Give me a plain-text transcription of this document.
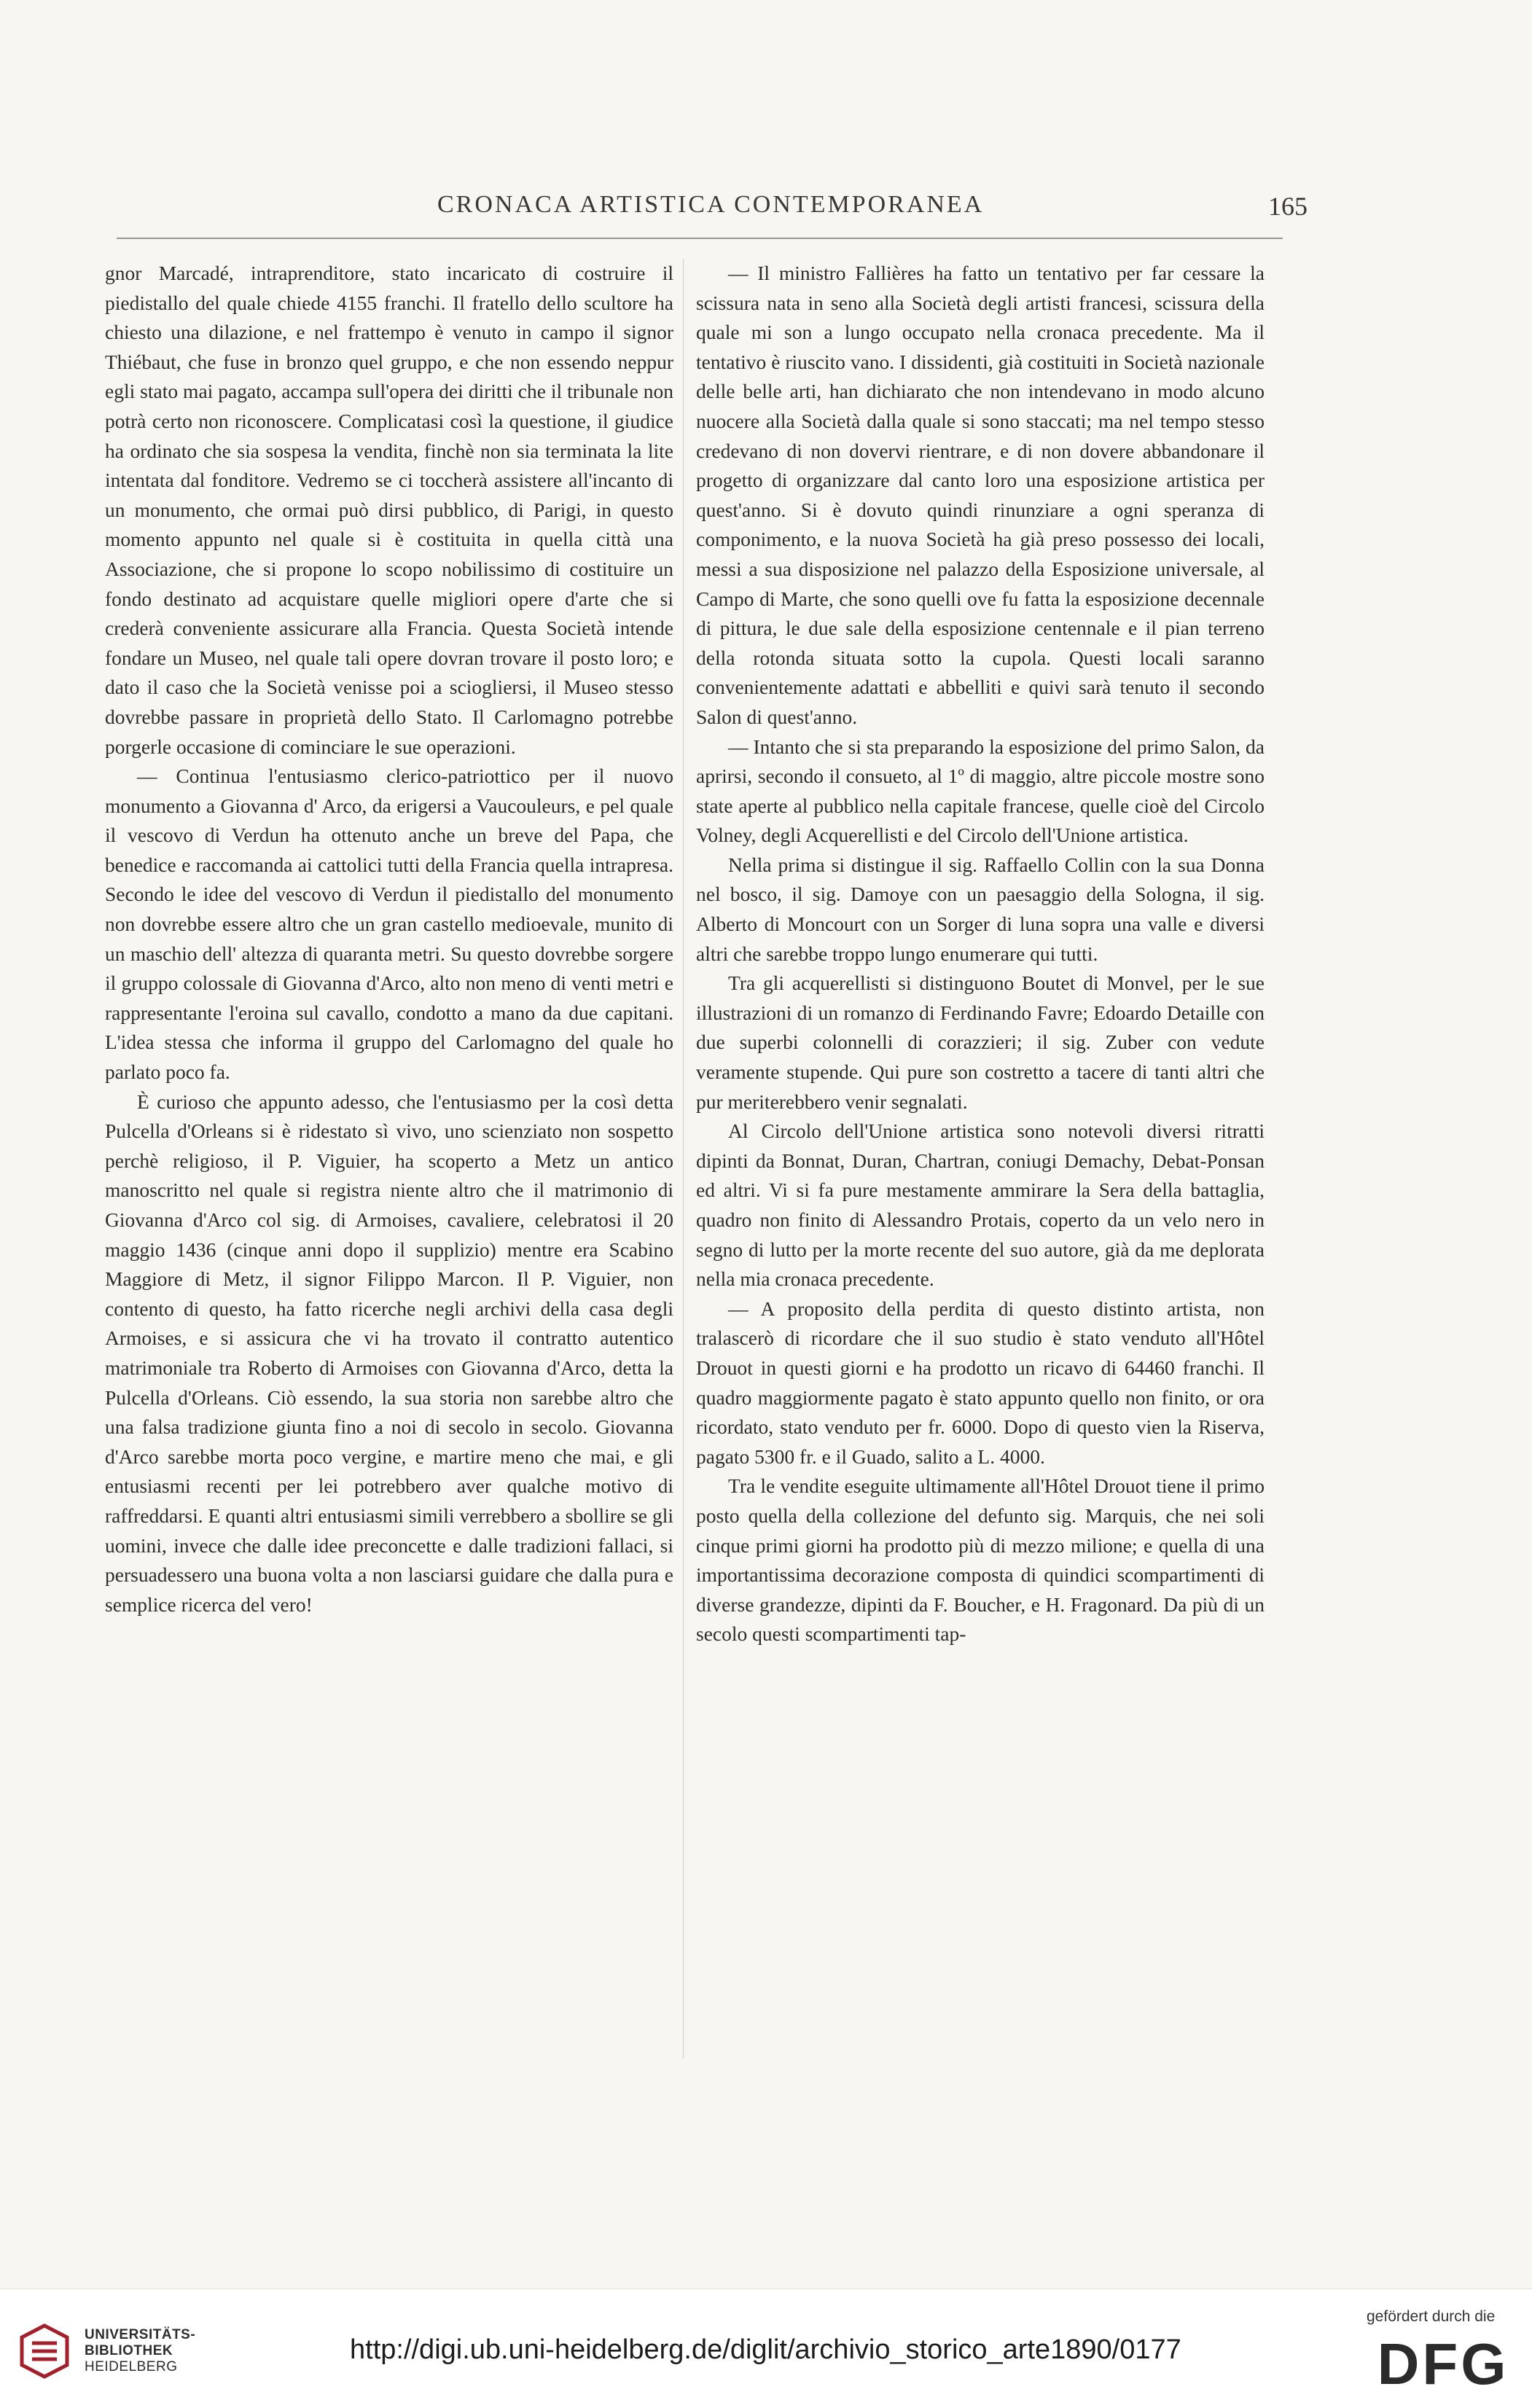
CRONACA ARTISTICA CONTEMPORANEA	165

gnor Marcadé, intraprenditore, stato incaricato di costruire il piedistallo del quale chiede 4155 franchi. Il fratello dello scultore ha chiesto una dilazione, e nel frattempo è venuto in campo il signor Thiébaut, che fuse in bronzo quel gruppo, e che non essendo neppur egli stato mai pagato, accampa sull'opera dei diritti che il tribunale non potrà certo non riconoscere. Complicatasi così la questione, il giudice ha ordinato che sia sospesa la vendita, finchè non sia terminata la lite intentata dal fonditore. Vedremo se ci toccherà assistere all'incanto di un monumento, che ormai può dirsi pubblico, di Parigi, in questo momento appunto nel quale si è costituita in quella città una Associazione, che si propone lo scopo nobilissimo di costituire un fondo destinato ad acquistare quelle migliori opere d'arte che si crederà conveniente assicurare alla Francia. Questa Società intende fondare un Museo, nel quale tali opere dovran trovare il posto loro; e dato il caso che la Società venisse poi a sciogliersi, il Museo stesso dovrebbe passare in proprietà dello Stato. Il Carlomagno potrebbe porgerle occasione di cominciare le sue operazioni.

— Continua l'entusiasmo clerico-patriottico per il nuovo monumento a Giovanna d' Arco, da erigersi a Vaucouleurs, e pel quale il vescovo di Verdun ha ottenuto anche un breve del Papa, che benedice e raccomanda ai cattolici tutti della Francia quella intrapresa. Secondo le idee del vescovo di Verdun il piedistallo del monumento non dovrebbe essere altro che un gran castello medioevale, munito di un maschio dell' altezza di quaranta metri. Su questo dovrebbe sorgere il gruppo colossale di Giovanna d'Arco, alto non meno di venti metri e rappresentante l'eroina sul cavallo, condotto a mano da due capitani. L'idea stessa che informa il gruppo del Carlomagno del quale ho parlato poco fa.

È curioso che appunto adesso, che l'entusiasmo per la così detta Pulcella d'Orleans si è ridestato sì vivo, uno scienziato non sospetto perchè religioso, il P. Viguier, ha scoperto a Metz un antico manoscritto nel quale si registra niente altro che il matrimonio di Giovanna d'Arco col sig. di Armoises, cavaliere, celebratosi il 20 maggio 1436 (cinque anni dopo il supplizio) mentre era Scabino Maggiore di Metz, il signor Filippo Marcon. Il P. Viguier, non contento di questo, ha fatto ricerche negli archivi della casa degli Armoises, e si assicura che vi ha trovato il contratto autentico matrimoniale tra Roberto di Armoises con Giovanna d'Arco, detta la Pulcella d'Orleans. Ciò essendo, la sua storia non sarebbe altro che una falsa tradizione giunta fino a noi di secolo in secolo. Giovanna d'Arco sarebbe morta poco vergine, e martire meno che mai, e gli entusiasmi recenti per lei potrebbero aver qualche motivo di raffreddarsi. E quanti altri entusiasmi simili verrebbero a sbollire se gli uomini, invece che dalle idee preconcette e dalle tradizioni fallaci, si persuadessero una buona volta a non lasciarsi guidare che dalla pura e semplice ricerca del vero!

— Il ministro Fallières ha fatto un tentativo per far cessare la scissura nata in seno alla Società degli artisti francesi, scissura della quale mi son a lungo occupato nella cronaca precedente. Ma il tentativo è riuscito vano. I dissidenti, già costituiti in Società nazionale delle belle arti, han dichiarato che non intendevano in modo alcuno nuocere alla Società dalla quale si sono staccati; ma nel tempo stesso credevano di non dovervi rientrare, e di non dovere abbandonare il progetto di organizzare dal canto loro una esposizione artistica per quest'anno. Si è dovuto quindi rinunziare a ogni speranza di componimento, e la nuova Società ha già preso possesso dei locali, messi a sua disposizione nel palazzo della Esposizione universale, al Campo di Marte, che sono quelli ove fu fatta la esposizione decennale di pittura, le due sale della esposizione centennale e il pian terreno della rotonda situata sotto la cupola. Questi locali saranno convenientemente adattati e abbelliti e quivi sarà tenuto il secondo Salon di quest'anno.

— Intanto che si sta preparando la esposizione del primo Salon, da aprirsi, secondo il consueto, al 1º di maggio, altre piccole mostre sono state aperte al pubblico nella capitale francese, quelle cioè del Circolo Volney, degli Acquerellisti e del Circolo dell'Unione artistica.

Nella prima si distingue il sig. Raffaello Collin con la sua Donna nel bosco, il sig. Damoye con un paesaggio della Sologna, il sig. Alberto di Moncourt con un Sorger di luna sopra una valle e diversi altri che sarebbe troppo lungo enumerare qui tutti.

Tra gli acquerellisti si distinguono Boutet di Monvel, per le sue illustrazioni di un romanzo di Ferdinando Favre; Edoardo Detaille con due superbi colonnelli di corazzieri; il sig. Zuber con vedute veramente stupende. Qui pure son costretto a tacere di tanti altri che pur meriterebbero venir segnalati.

Al Circolo dell'Unione artistica sono notevoli diversi ritratti dipinti da Bonnat, Duran, Chartran, coniugi Demachy, Debat-Ponsan ed altri. Vi si fa pure mestamente ammirare la Sera della battaglia, quadro non finito di Alessandro Protais, coperto da un velo nero in segno di lutto per la morte recente del suo autore, già da me deplorata nella mia cronaca precedente.

— A proposito della perdita di questo distinto artista, non tralascerò di ricordare che il suo studio è stato venduto all'Hôtel Drouot in questi giorni e ha prodotto un ricavo di 64460 franchi. Il quadro maggiormente pagato è stato appunto quello non finito, or ora ricordato, stato venduto per fr. 6000. Dopo di questo vien la Riserva, pagato 5300 fr. e il Guado, salito a L. 4000.

Tra le vendite eseguite ultimamente all'Hôtel Drouot tiene il primo posto quella della collezione del defunto sig. Marquis, che nei soli cinque primi giorni ha prodotto più di mezzo milione; e quella di una importantissima decorazione composta di quindici scompartimenti di diverse grandezze, dipinti da F. Boucher, e H. Fragonard. Da più di un secolo questi scompartimenti tap-

UNIVERSITÄTS-
BIBLIOTHEK
HEIDELBERG
http://digi.ub.uni-heidelberg.de/diglit/archivio_storico_arte1890/0177
gefördert durch die
DFG
